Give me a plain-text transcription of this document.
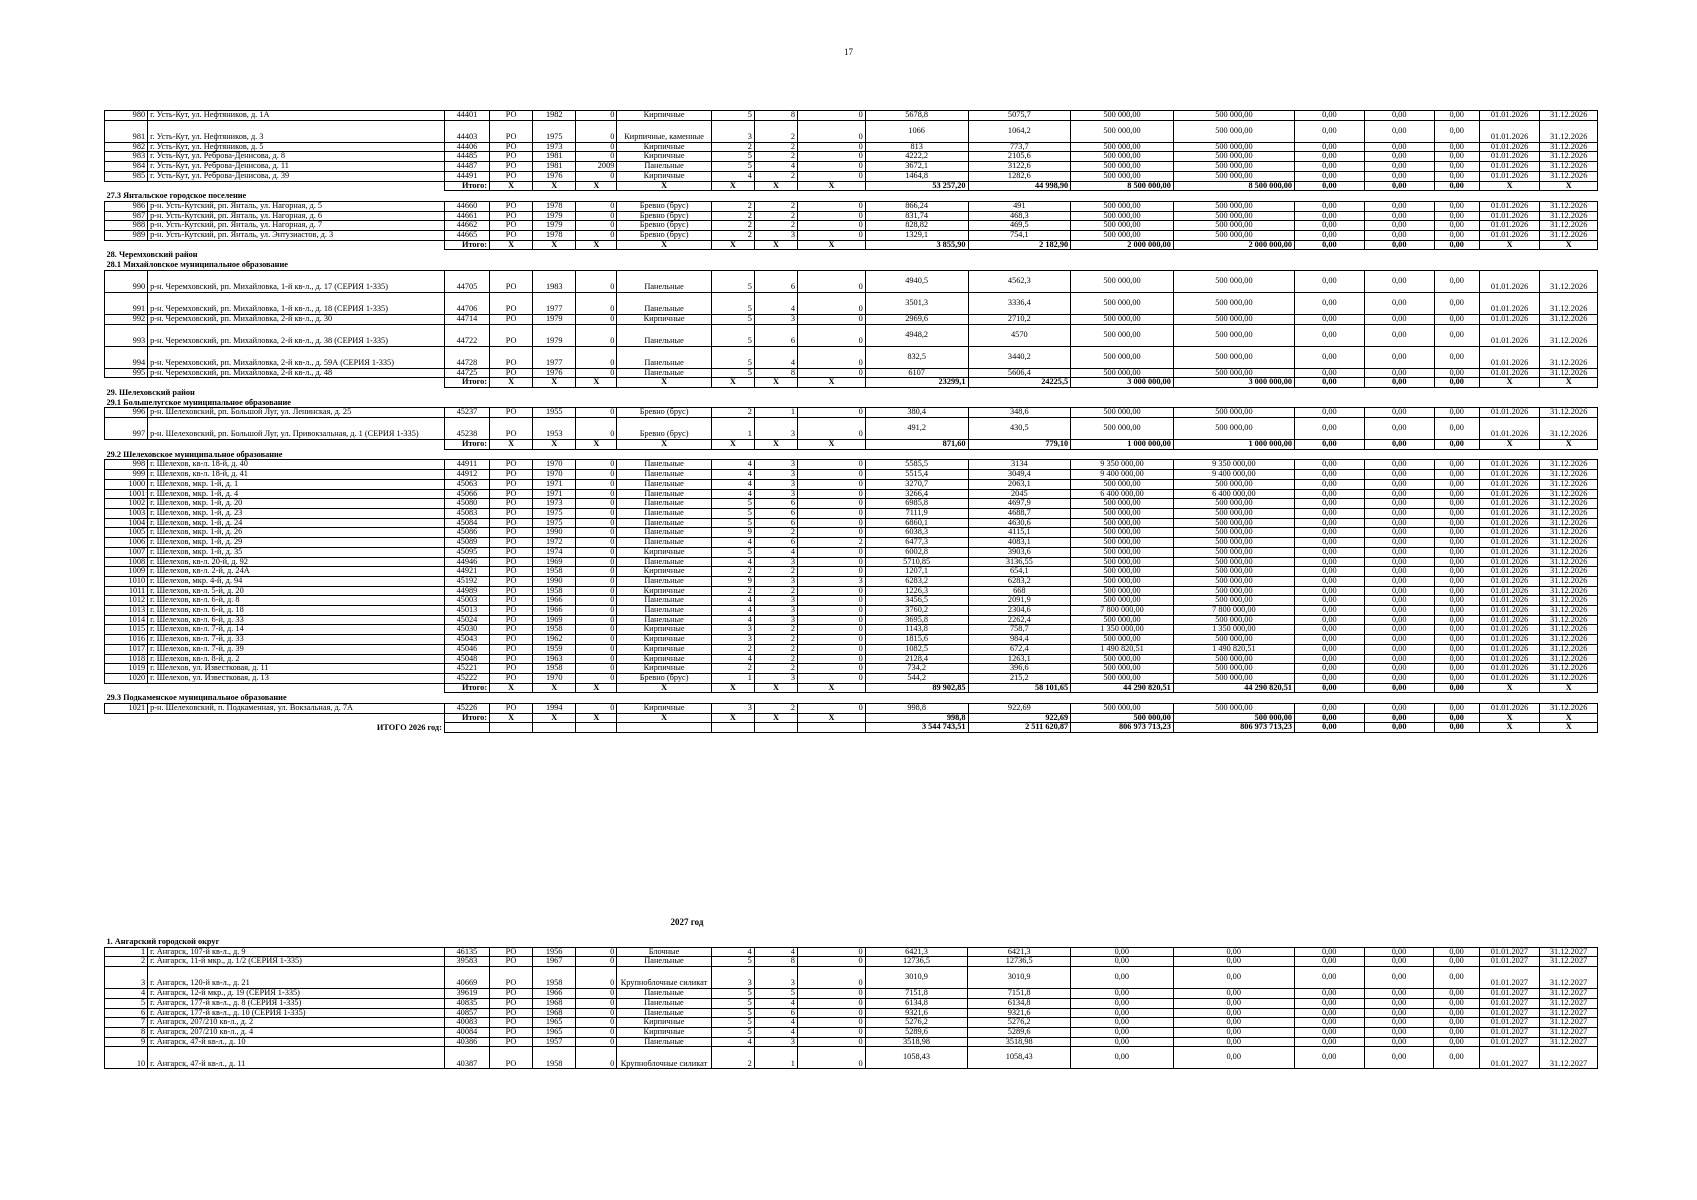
17
980	г. Усть-Кут, ул. Нефтяников, д. 1А	44401	РО	1982	0	Кирпичные	5	8	0	5678,8	5075,7	500 000,00	500 000,00	0,00	0,00	0,00	01.01.2026	31.12.2026
981	г. Усть-Кут, ул. Нефтяников, д. 3	44403	РО	1975	0	Кирпичные, каменные	3	2	0	1066	1064,2	500 000,00	500 000,00	0,00	0,00	0,00	01.01.2026	31.12.2026
982	г. Усть-Кут, ул. Нефтяников, д. 5	44406	РО	1973	0	Кирпичные	2	2	0	813	773,7	500 000,00	500 000,00	0,00	0,00	0,00	01.01.2026	31.12.2026
983	г. Усть-Кут, ул. Реброва-Денисова, д. 8	44485	РО	1981	0	Кирпичные	5	2	0	4222,2	2105,6	500 000,00	500 000,00	0,00	0,00	0,00	01.01.2026	31.12.2026
984	г. Усть-Кут, ул. Реброва-Денисова, д. 11	44487	РО	1981	2009	Панельные	5	4	0	3672,1	3122,6	500 000,00	500 000,00	0,00	0,00	0,00	01.01.2026	31.12.2026
985	г. Усть-Кут, ул. Реброва-Денисова, д. 39	44491	РО	1976	0	Кирпичные	4	2	0	1464,8	1282,6	500 000,00	500 000,00	0,00	0,00	0,00	01.01.2026	31.12.2026
		Итого:	X	X	X	X	X	X	X	53 257,20	44 998,90	8 500 000,00	8 500 000,00	0,00	0,00	0,00	X	X
27.3 Янтальское городское поселение																		
986	р-н. Усть-Кутский, рп. Янталь, ул. Нагорная, д. 5	44660	РО	1978	0	Бревно (брус)	2	2	0	866,24	491	500 000,00	500 000,00	0,00	0,00	0,00	01.01.2026	31.12.2026
987	р-н. Усть-Кутский, рп. Янталь, ул. Нагорная, д. 6	44661	РО	1979	0	Бревно (брус)	2	2	0	831,74	468,3	500 000,00	500 000,00	0,00	0,00	0,00	01.01.2026	31.12.2026
988	р-н. Усть-Кутский, рп. Янталь, ул. Нагорная, д. 7	44662	РО	1979	0	Бревно (брус)	2	2	0	828,82	469,5	500 000,00	500 000,00	0,00	0,00	0,00	01.01.2026	31.12.2026
989	р-н. Усть-Кутский, рп. Янталь, ул. Энтузиастов, д. 3	44665	РО	1978	0	Бревно (брус)	2	3	0	1329,1	754,1	500 000,00	500 000,00	0,00	0,00	0,00	01.01.2026	31.12.2026
		Итого:	X	X	X	X	X	X	X	3 855,90	2 182,90	2 000 000,00	2 000 000,00	0,00	0,00	0,00	X	X
28. Черемховский район																		
28.1 Михайловское муниципальное образование																		
990	р-н. Черемховский, рп. Михайловка, 1-й кв-л., д. 17 (СЕРИЯ 1-335)	44705	РО	1983	0	Панельные	5	6	0	4940,5	4562,3	500 000,00	500 000,00	0,00	0,00	0,00	01.01.2026	31.12.2026
991	р-н. Черемховский, рп. Михайловка, 1-й кв-л., д. 18 (СЕРИЯ 1-335)	44706	РО	1977	0	Панельные	5	4	0	3501,3	3336,4	500 000,00	500 000,00	0,00	0,00	0,00	01.01.2026	31.12.2026
992	р-н. Черемховский, рп. Михайловка, 2-й кв-л., д. 30	44714	РО	1979	0	Кирпичные	5	3	0	2969,6	2710,2	500 000,00	500 000,00	0,00	0,00	0,00	01.01.2026	31.12.2026
993	р-н. Черемховский, рп. Михайловка, 2-й кв-л., д. 38 (СЕРИЯ 1-335)	44722	РО	1979	0	Панельные	5	6	0	4948,2	4570	500 000,00	500 000,00	0,00	0,00	0,00	01.01.2026	31.12.2026
994	р-н. Черемховский, рп. Михайловка, 2-й кв-л., д. 59А (СЕРИЯ 1-335)	44728	РО	1977	0	Панельные	5	4	0	832,5	3440,2	500 000,00	500 000,00	0,00	0,00	0,00	01.01.2026	31.12.2026
995	р-н. Черемховский, рп. Михайловка, 2-й кв-л., д. 48	44725	РО	1976	0	Панельные	5	8	0	6107	5606,4	500 000,00	500 000,00	0,00	0,00	0,00	01.01.2026	31.12.2026
		Итого:	X	X	X	X	X	X	X	23299,1	24225,5	3 000 000,00	3 000 000,00	0,00	0,00	0,00	X	X
29. Шелеховский район																		
29.1 Большелугское муниципальное образование																		
996	р-н. Шелеховский, рп. Большой Луг, ул. Ленинская, д. 25	45237	РО	1955	0	Бревно (брус)	2	1	0	380,4	348,6	500 000,00	500 000,00	0,00	0,00	0,00	01.01.2026	31.12.2026
997	р-н. Шелеховский, рп. Большой Луг, ул. Привокзальная, д. 1 (СЕРИЯ 1-335)	45238	РО	1953	0	Бревно (брус)	1	3	0	491,2	430,5	500 000,00	500 000,00	0,00	0,00	0,00	01.01.2026	31.12.2026
		Итого:	X	X	X	X	X	X	X	871,60	779,10	1 000 000,00	1 000 000,00	0,00	0,00	0,00	X	X
29.2 Шелеховское муниципальное образование																		
998	г. Шелехов, кв-л. 18-й, д. 40	44911	РО	1970	0	Панельные	4	3	0	5585,5	3134	9 350 000,00	9 350 000,00	0,00	0,00	0,00	01.01.2026	31.12.2026
999	г. Шелехов, кв-л. 18-й, д. 41	44912	РО	1970	0	Панельные	4	3	0	5515,4	3049,4	9 400 000,00	9 400 000,00	0,00	0,00	0,00	01.01.2026	31.12.2026
1000	г. Шелехов, мкр. 1-й, д. 1	45063	РО	1971	0	Панельные	4	3	0	3270,7	2063,1	500 000,00	500 000,00	0,00	0,00	0,00	01.01.2026	31.12.2026
1001	г. Шелехов, мкр. 1-й, д. 4	45066	РО	1971	0	Панельные	4	3	0	3266,4	2045	6 400 000,00	6 400 000,00	0,00	0,00	0,00	01.01.2026	31.12.2026
1002	г. Шелехов, мкр. 1-й, д. 20	45080	РО	1973	0	Панельные	5	6	0	6985,8	4697,9	500 000,00	500 000,00	0,00	0,00	0,00	01.01.2026	31.12.2026
1003	г. Шелехов, мкр. 1-й, д. 23	45083	РО	1975	0	Панельные	5	6	0	7111,9	4688,7	500 000,00	500 000,00	0,00	0,00	0,00	01.01.2026	31.12.2026
1004	г. Шелехов, мкр. 1-й, д. 24	45084	РО	1975	0	Панельные	5	6	0	6860,1	4630,6	500 000,00	500 000,00	0,00	0,00	0,00	01.01.2026	31.12.2026
1005	г. Шелехов, мкр. 1-й, д. 26	45086	РО	1990	0	Панельные	9	2	0	6038,3	4115,1	500 000,00	500 000,00	0,00	0,00	0,00	01.01.2026	31.12.2026
1006	г. Шелехов, мкр. 1-й, д. 29	45089	РО	1972	0	Панельные	4	6	2	6477,3	4083,1	500 000,00	500 000,00	0,00	0,00	0,00	01.01.2026	31.12.2026
1007	г. Шелехов, мкр. 1-й, д. 35	45095	РО	1974	0	Кирпичные	5	4	0	6002,8	3903,6	500 000,00	500 000,00	0,00	0,00	0,00	01.01.2026	31.12.2026
1008	г. Шелехов, кв-л. 20-й, д. 92	44946	РО	1969	0	Панельные	4	3	0	5710,85	3136,55	500 000,00	500 000,00	0,00	0,00	0,00	01.01.2026	31.12.2026
1009	г. Шелехов, кв-л. 2-й, д. 24А	44921	РО	1958	0	Кирпичные	2	2	0	1207,1	654,1	500 000,00	500 000,00	0,00	0,00	0,00	01.01.2026	31.12.2026
1010	г. Шелехов, мкр. 4-й, д. 94	45192	РО	1990	0	Панельные	9	3	3	6283,2	6283,2	500 000,00	500 000,00	0,00	0,00	0,00	01.01.2026	31.12.2026
1011	г. Шелехов, кв-л. 5-й, д. 20	44989	РО	1958	0	Кирпичные	2	2	0	1226,3	668	500 000,00	500 000,00	0,00	0,00	0,00	01.01.2026	31.12.2026
1012	г. Шелехов, кв-л. 6-й, д. 8	45003	РО	1966	0	Панельные	4	3	0	3456,5	2091,9	500 000,00	500 000,00	0,00	0,00	0,00	01.01.2026	31.12.2026
1013	г. Шелехов, кв-л. 6-й, д. 18	45013	РО	1966	0	Панельные	4	3	0	3760,2	2304,6	7 800 000,00	7 800 000,00	0,00	0,00	0,00	01.01.2026	31.12.2026
1014	г. Шелехов, кв-л. 6-й, д. 33	45024	РО	1969	0	Панельные	4	3	0	3695,8	2262,4	500 000,00	500 000,00	0,00	0,00	0,00	01.01.2026	31.12.2026
1015	г. Шелехов, кв-л. 7-й, д. 14	45030	РО	1958	0	Кирпичные	3	2	0	1143,8	758,7	1 350 000,00	1 350 000,00	0,00	0,00	0,00	01.01.2026	31.12.2026
1016	г. Шелехов, кв-л. 7-й, д. 33	45043	РО	1962	0	Кирпичные	3	2	0	1815,6	984,4	500 000,00	500 000,00	0,00	0,00	0,00	01.01.2026	31.12.2026
1017	г. Шелехов, кв-л. 7-й, д. 39	45046	РО	1959	0	Кирпичные	2	2	0	1082,5	672,4	1 490 820,51	1 490 820,51	0,00	0,00	0,00	01.01.2026	31.12.2026
1018	г. Шелехов, кв-л. 8-й, д. 2	45048	РО	1963	0	Кирпичные	4	2	0	2128,4	1263,1	500 000,00	500 000,00	0,00	0,00	0,00	01.01.2026	31.12.2026
1019	г. Шелехов, ул. Известковая, д. 11	45221	РО	1958	0	Кирпичные	2	2	0	734,2	396,6	500 000,00	500 000,00	0,00	0,00	0,00	01.01.2026	31.12.2026
1020	г. Шелехов, ул. Известковая, д. 13	45222	РО	1970	0	Бревно (брус)	1	3	0	544,2	215,2	500 000,00	500 000,00	0,00	0,00	0,00	01.01.2026	31.12.2026
		Итого:	X	X	X	X	X	X	X	89 902,85	58 101,65	44 290 820,51	44 290 820,51	0,00	0,00	0,00	X	X
29.3 Подкаменское муниципальное образование																		
1021	р-н. Шелеховский, п. Подкаменная, ул. Вокзальная, д. 7А	45226	РО	1994	0	Кирпичные	3	2	0	998,8	922,69	500 000,00	500 000,00	0,00	0,00	0,00	01.01.2026	31.12.2026
		Итого:	X	X	X	X	X	X	X	998,8	922,69	500 000,00	500 000,00	0,00	0,00	0,00	X	X
ИТОГО 2026 год:										3 544 743,51	2 511 620,87	806 973 713,23	806 973 713,23	0,00	0,00	0,00	X	X
2027 год
1. Ангарский городской округ																		
1	г. Ангарск, 107-й кв-л., д. 9	46135	РО	1956	0	Блочные	4	4	0	6421,3	6421,3	0,00	0,00	0,00	0,00	0,00	01.01.2027	31.12.2027
2	г. Ангарск, 11-й мкр., д. 1/2 (СЕРИЯ 1-335)	39583	РО	1967	0	Панельные	5	8	0	12736,5	12736,5	0,00	0,00	0,00	0,00	0,00	01.01.2027	31.12.2027
3	г. Ангарск, 120-й кв-л., д. 21	40669	РО	1958	0	Крупноблочные силикат	3	3	0	3010,9	3010,9	0,00	0,00	0,00	0,00	0,00	01.01.2027	31.12.2027
4	г. Ангарск, 12-й мкр., д. 19 (СЕРИЯ 1-335)	39619	РО	1966	0	Панельные	5	5	0	7151,8	7151,8	0,00	0,00	0,00	0,00	0,00	01.01.2027	31.12.2027
5	г. Ангарск, 177-й кв-л., д. 8 (СЕРИЯ 1-335)	40835	РО	1968	0	Панельные	5	4	0	6134,8	6134,8	0,00	0,00	0,00	0,00	0,00	01.01.2027	31.12.2027
6	г. Ангарск, 177-й кв-л., д. 10 (СЕРИЯ 1-335)	40857	РО	1968	0	Панельные	5	6	0	9321,6	9321,6	0,00	0,00	0,00	0,00	0,00	01.01.2027	31.12.2027
7	г. Ангарск, 207/210 кв-л., д. 2	40083	РО	1965	0	Кирпичные	5	4	0	5276,2	5276,2	0,00	0,00	0,00	0,00	0,00	01.01.2027	31.12.2027
8	г. Ангарск, 207/210 кв-л., д. 4	40084	РО	1965	0	Кирпичные	5	4	0	5289,6	5289,6	0,00	0,00	0,00	0,00	0,00	01.01.2027	31.12.2027
9	г. Ангарск, 47-й кв-л., д. 10	40386	РО	1957	0	Панельные	4	3	0	3518,98	3518,98	0,00	0,00	0,00	0,00	0,00	01.01.2027	31.12.2027
10	г. Ангарск, 47-й кв-л., д. 11	40387	РО	1958	0	Крупноблочные силикат	2	1	0	1058,43	1058,43	0,00	0,00	0,00	0,00	0,00	01.01.2027	31.12.2027
